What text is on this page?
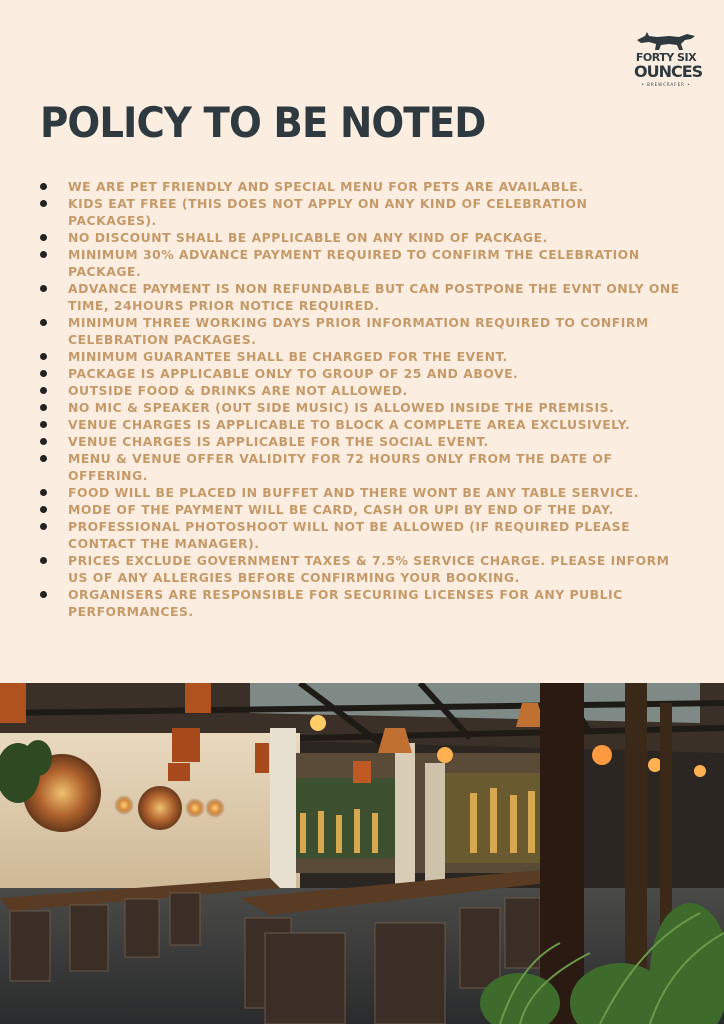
FORTY SIX
OUNCES
• BREWCRAFER •
POLICY TO BE NOTED
WE ARE PET FRIENDLY AND SPECIAL MENU FOR PETS ARE AVAILABLE.
KIDS EAT FREE (THIS DOES NOT APPLY ON ANY KIND OF CELEBRATION PACKAGES).
NO DISCOUNT SHALL BE APPLICABLE ON ANY KIND OF PACKAGE.
MINIMUM 30% ADVANCE PAYMENT REQUIRED TO CONFIRM THE CELEBRATION PACKAGE.
ADVANCE PAYMENT IS NON REFUNDABLE BUT CAN POSTPONE THE EVNT ONLY ONE TIME, 24HOURS PRIOR NOTICE REQUIRED.
MINIMUM THREE WORKING DAYS PRIOR INFORMATION REQUIRED TO CONFIRM CELEBRATION PACKAGES.
MINIMUM GUARANTEE SHALL BE CHARGED FOR THE EVENT.
PACKAGE IS APPLICABLE ONLY TO GROUP OF 25 AND ABOVE.
OUTSIDE FOOD & DRINKS ARE NOT ALLOWED.
NO MIC & SPEAKER (OUT SIDE MUSIC) IS ALLOWED INSIDE THE PREMISIS.
VENUE CHARGES IS APPLICABLE TO BLOCK A COMPLETE AREA EXCLUSIVELY.
VENUE CHARGES IS APPLICABLE FOR THE SOCIAL EVENT.
MENU & VENUE OFFER VALIDITY FOR 72 HOURS ONLY FROM THE DATE OF OFFERING.
FOOD WILL BE PLACED IN BUFFET AND THERE WONT BE ANY TABLE SERVICE.
MODE OF THE PAYMENT WILL BE CARD, CASH OR UPI BY END OF THE DAY.
PROFESSIONAL PHOTOSHOOT WILL NOT BE ALLOWED (IF REQUIRED PLEASE CONTACT THE MANAGER).
PRICES EXCLUDE GOVERNMENT TAXES & 7.5% SERVICE CHARGE. PLEASE INFORM US OF ANY ALLERGIES BEFORE CONFIRMING YOUR BOOKING.
ORGANISERS ARE RESPONSIBLE FOR SECURING LICENSES FOR ANY PUBLIC PERFORMANCES.
